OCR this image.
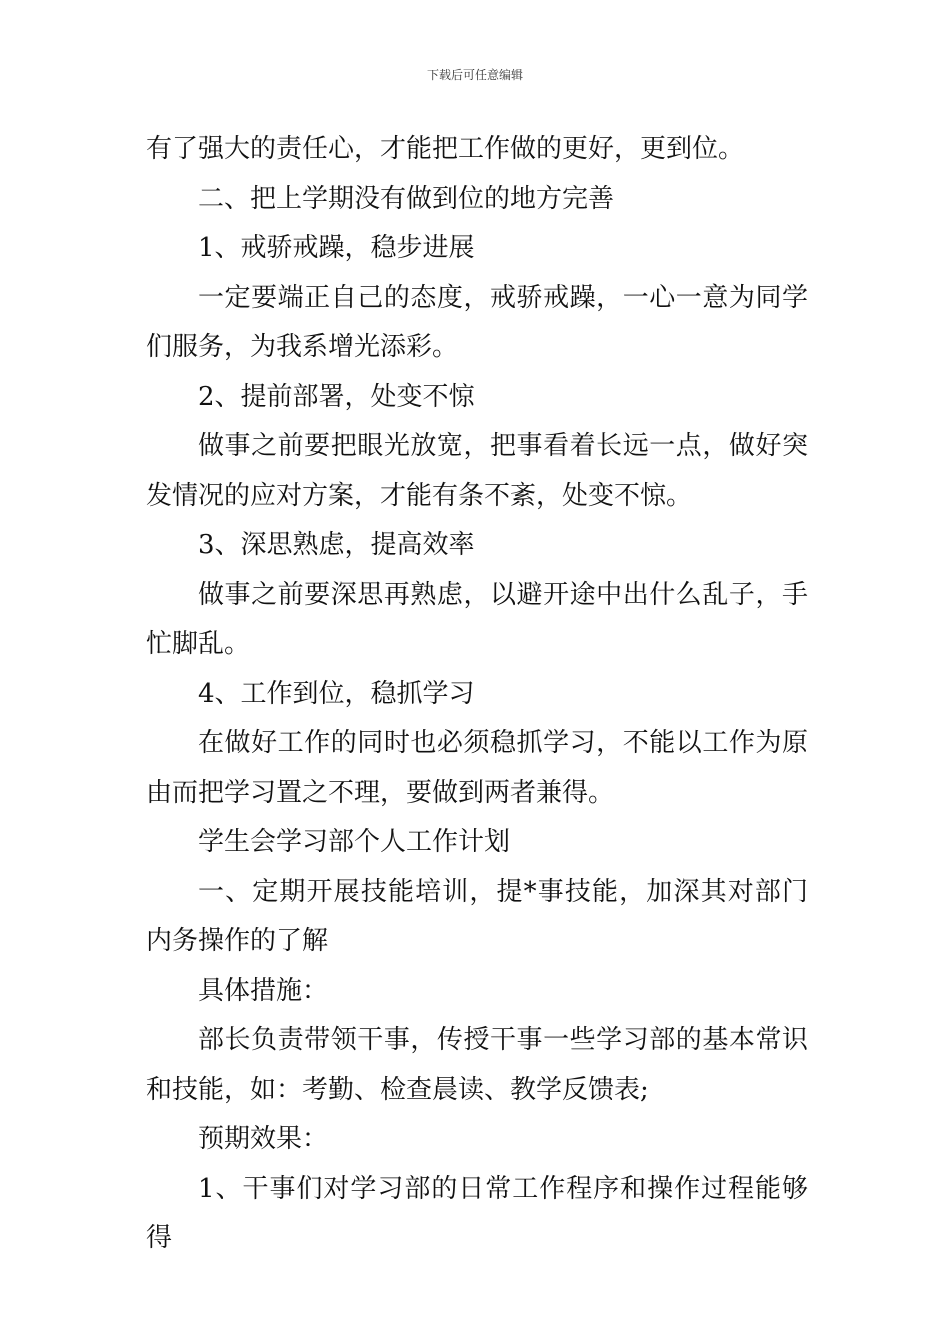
下载后可任意编辑

有了强大的责任心，才能把工作做的更好，更到位。

二、把上学期没有做到位的地方完善

1、戒骄戒躁，稳步进展

一定要端正自己的态度，戒骄戒躁，一心一意为同学们服务，为我系增光添彩。

2、提前部署，处变不惊

做事之前要把眼光放宽，把事看着长远一点，做好突发情况的应对方案，才能有条不紊，处变不惊。

3、深思熟虑，提高效率

做事之前要深思再熟虑，以避开途中出什么乱子，手忙脚乱。

4、工作到位，稳抓学习

在做好工作的同时也必须稳抓学习，不能以工作为原由而把学习置之不理，要做到两者兼得。

学生会学习部个人工作计划

一、定期开展技能培训，提*事技能，加深其对部门内务操作的了解

具体措施：

部长负责带领干事，传授干事一些学习部的基本常识和技能，如：考勤、检查晨读、教学反馈表;

预期效果：

1、干事们对学习部的日常工作程序和操作过程能够得
